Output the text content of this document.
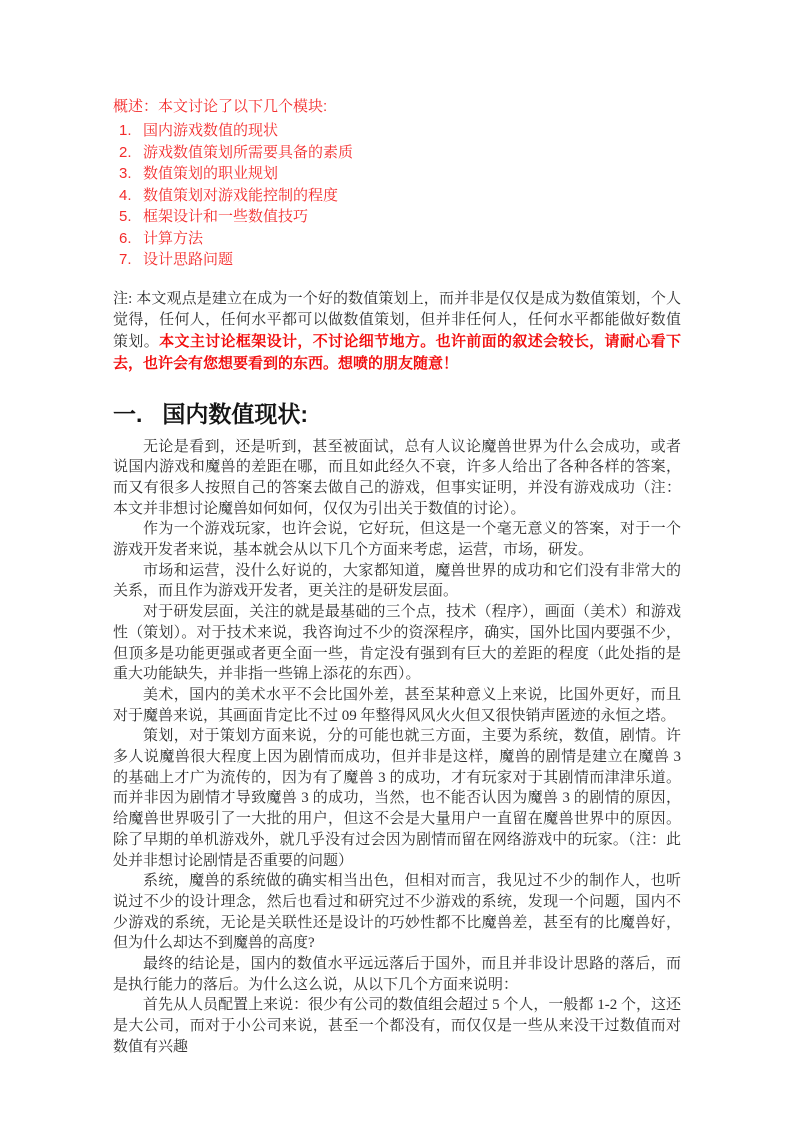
概述：本文讨论了以下几个模块:

1. 国内游戏数值的现状
2. 游戏数值策划所需要具备的素质
3. 数值策划的职业规划
4. 数值策划对游戏能控制的程度
5. 框架设计和一些数值技巧
6. 计算方法
7. 设计思路问题

注: 本文观点是建立在成为一个好的数值策划上，而并非是仅仅是成为数值策划，个人觉得，任何人，任何水平都可以做数值策划，但并非任何人，任何水平都能做好数值策划。本文主讨论框架设计，不讨论细节地方。也许前面的叙述会较长，请耐心看下去，也许会有您想要看到的东西。想喷的朋友随意！

一. 国内数值现状:

无论是看到，还是听到，甚至被面试，总有人议论魔兽世界为什么会成功，或者说国内游戏和魔兽的差距在哪，而且如此经久不衰，许多人给出了各种各样的答案，而又有很多人按照自己的答案去做自己的游戏，但事实证明，并没有游戏成功（注：本文并非想讨论魔兽如何如何，仅仅为引出关于数值的讨论）。

作为一个游戏玩家，也许会说，它好玩，但这是一个毫无意义的答案，对于一个游戏开发者来说，基本就会从以下几个方面来考虑，运营，市场，研发。

市场和运营，没什么好说的，大家都知道，魔兽世界的成功和它们没有非常大的关系，而且作为游戏开发者，更关注的是研发层面。

对于研发层面，关注的就是最基础的三个点，技术（程序），画面（美术）和游戏性（策划）。对于技术来说，我咨询过不少的资深程序，确实，国外比国内要强不少，但顶多是功能更强或者更全面一些，肯定没有强到有巨大的差距的程度（此处指的是重大功能缺失，并非指一些锦上添花的东西）。

美术，国内的美术水平不会比国外差，甚至某种意义上来说，比国外更好，而且对于魔兽来说，其画面肯定比不过 09 年整得风风火火但又很快销声匿迹的永恒之塔。

策划，对于策划方面来说，分的可能也就三方面，主要为系统，数值，剧情。许多人说魔兽很大程度上因为剧情而成功，但并非是这样，魔兽的剧情是建立在魔兽 3 的基础上才广为流传的，因为有了魔兽 3 的成功，才有玩家对于其剧情而津津乐道。而并非因为剧情才导致魔兽 3 的成功，当然，也不能否认因为魔兽 3 的剧情的原因，给魔兽世界吸引了一大批的用户，但这不会是大量用户一直留在魔兽世界中的原因。除了早期的单机游戏外，就几乎没有过会因为剧情而留在网络游戏中的玩家。（注：此处并非想讨论剧情是否重要的问题）

系统，魔兽的系统做的确实相当出色，但相对而言，我见过不少的制作人，也听说过不少的设计理念，然后也看过和研究过不少游戏的系统，发现一个问题，国内不少游戏的系统，无论是关联性还是设计的巧妙性都不比魔兽差，甚至有的比魔兽好，但为什么却达不到魔兽的高度?

最终的结论是，国内的数值水平远远落后于国外，而且并非设计思路的落后，而是执行能力的落后。为什么这么说，从以下几个方面来说明：

首先从人员配置上来说：很少有公司的数值组会超过 5 个人，一般都 1-2 个，这还是大公司，而对于小公司来说，甚至一个都没有，而仅仅是一些从来没干过数值而对数值有兴趣
